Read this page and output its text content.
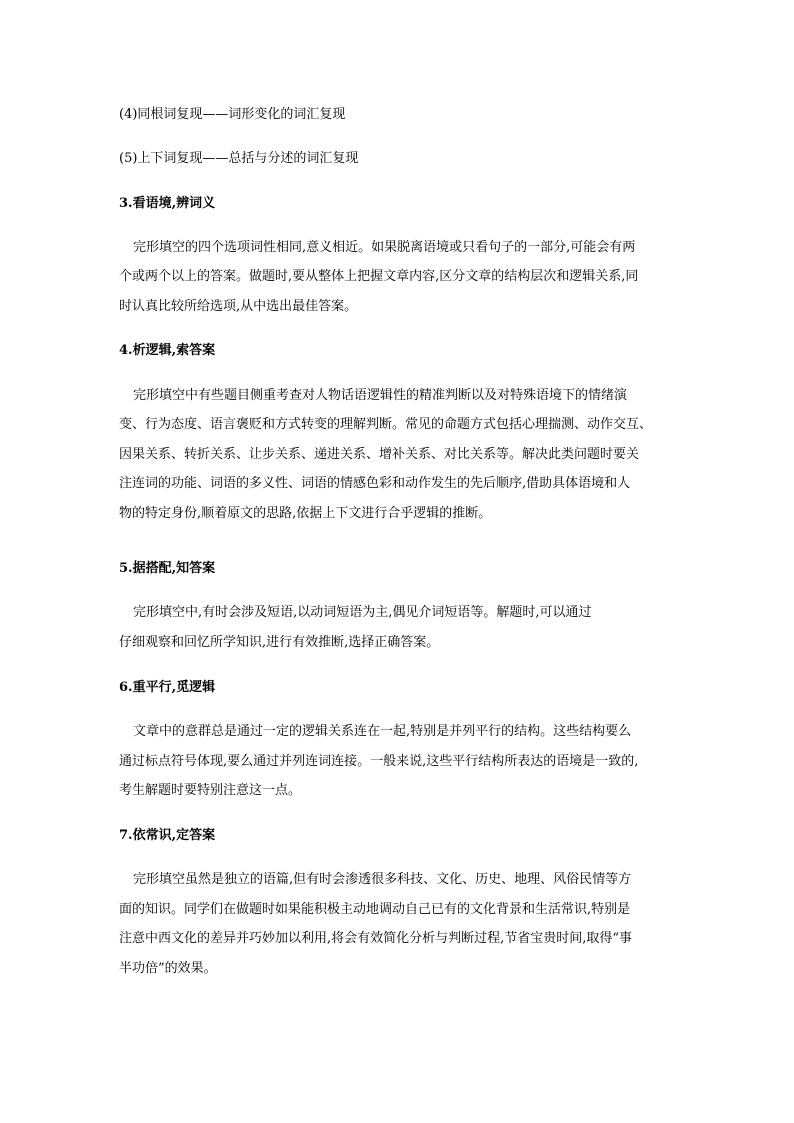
(4)同根词复现——词形变化的词汇复现
(5)上下词复现——总括与分述的词汇复现
3.看语境,辨词义
完形填空的四个选项词性相同,意义相近。如果脱离语境或只看句子的一部分,可能会有两
个或两个以上的答案。做题时,要从整体上把握文章内容,区分文章的结构层次和逻辑关系,同
时认真比较所给选项,从中选出最佳答案。
4.析逻辑,索答案
完形填空中有些题目侧重考查对人物话语逻辑性的精准判断以及对特殊语境下的情绪演
变、行为态度、语言褒贬和方式转变的理解判断。常见的命题方式包括心理揣测、动作交互、
因果关系、转折关系、让步关系、递进关系、增补关系、对比关系等。解决此类问题时要关
注连词的功能、词语的多义性、词语的情感色彩和动作发生的先后顺序,借助具体语境和人
物的特定身份,顺着原文的思路,依据上下文进行合乎逻辑的推断。
5.据搭配,知答案
完形填空中,有时会涉及短语,以动词短语为主,偶见介词短语等。解题时,可以通过
仔细观察和回忆所学知识,进行有效推断,选择正确答案。
6.重平行,觅逻辑
文章中的意群总是通过一定的逻辑关系连在一起,特别是并列平行的结构。这些结构要么
通过标点符号体现,要么通过并列连词连接。一般来说,这些平行结构所表达的语境是一致的,
考生解题时要特别注意这一点。
7.依常识,定答案
完形填空虽然是独立的语篇,但有时会渗透很多科技、文化、历史、地理、风俗民情等方
面的知识。同学们在做题时如果能积极主动地调动自己已有的文化背景和生活常识,特别是
注意中西文化的差异并巧妙加以利用,将会有效简化分析与判断过程,节省宝贵时间,取得“事
半功倍”的效果。
